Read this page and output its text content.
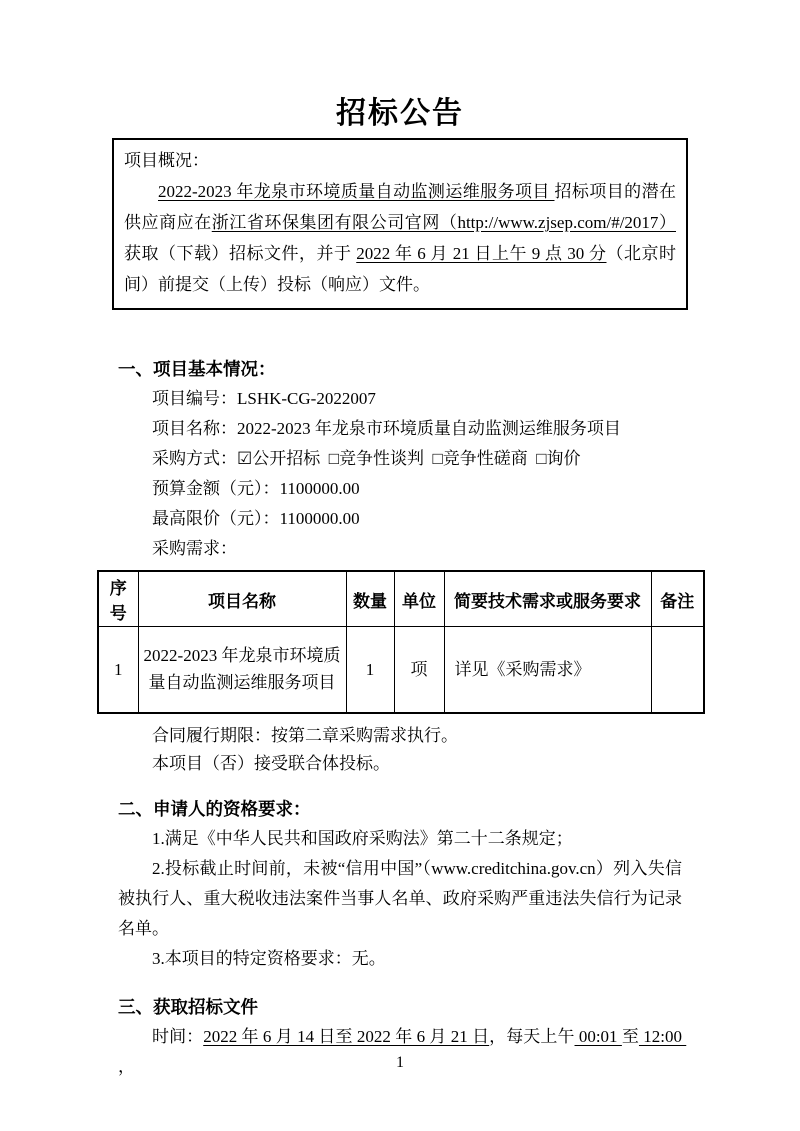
招标公告
项目概况：

2022-2023 年龙泉市环境质量自动监测运维服务项目 招标项目的潜在供应商应在浙江省环保集团有限公司官网（http://www.zjsep.com/#/2017）获取（下载）招标文件，并于 2022 年 6 月 21 日上午 9 点 30 分（北京时间）前提交（上传）投标（响应）文件。

一、项目基本情况：
项目编号：LSHK-CG-2022007
项目名称：2022-2023 年龙泉市环境质量自动监测运维服务项目
采购方式：☑公开招标  □竞争性谈判  □竞争性磋商  □询价
预算金额（元）：1100000.00
最高限价（元）：1100000.00
采购需求：
序号	项目名称	数量	单位	简要技术需求或服务要求	备注
1	2022-2023 年龙泉市环境质量自动监测运维服务项目	1	项	详见《采购需求》	
合同履行期限：按第二章采购需求执行。
本项目（否）接受联合体投标。
二、申请人的资格要求：

1.满足《中华人民共和国政府采购法》第二十二条规定；

2.投标截止时间前，未被“信用中国”（www.creditchina.gov.cn）列入失信被执行人、重大税收违法案件当事人名单、政府采购严重违法失信行为记录名单。

3.本项目的特定资格要求：无。

三、获取招标文件

时间：2022 年 6 月 14 日至 2022 年 6 月 21 日，每天上午 00:01 至 12:00 ，	1
